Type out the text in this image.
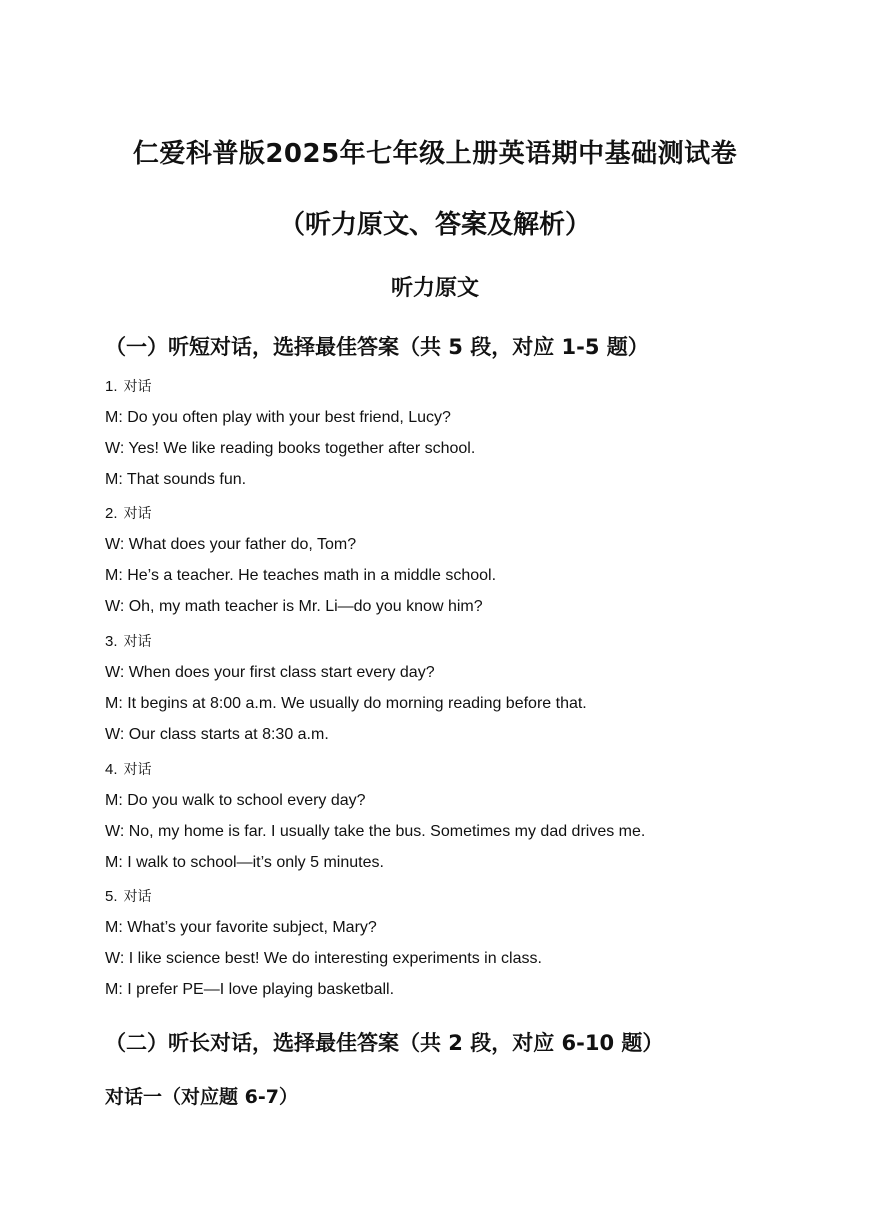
仁爱科普版2025年七年级上册英语期中基础测试卷
（听力原文、答案及解析）
听力原文
（一）听短对话，选择最佳答案（共 5 段，对应 1-5 题）
1. 对话
M: Do you often play with your best friend, Lucy?
W: Yes! We like reading books together after school.
M: That sounds fun.
2. 对话
W: What does your father do, Tom?
M: He’s a teacher. He teaches math in a middle school.
W: Oh, my math teacher is Mr. Li—do you know him?
3. 对话
W: When does your first class start every day?
M: It begins at 8:00 a.m. We usually do morning reading before that.
W: Our class starts at 8:30 a.m.
4. 对话
M: Do you walk to school every day?
W: No, my home is far. I usually take the bus. Sometimes my dad drives me.
M: I walk to school—it’s only 5 minutes.
5. 对话
M: What’s your favorite subject, Mary?
W: I like science best! We do interesting experiments in class.
M: I prefer PE—I love playing basketball.
（二）听长对话，选择最佳答案（共 2 段，对应 6-10 题）
对话一（对应题 6-7）
